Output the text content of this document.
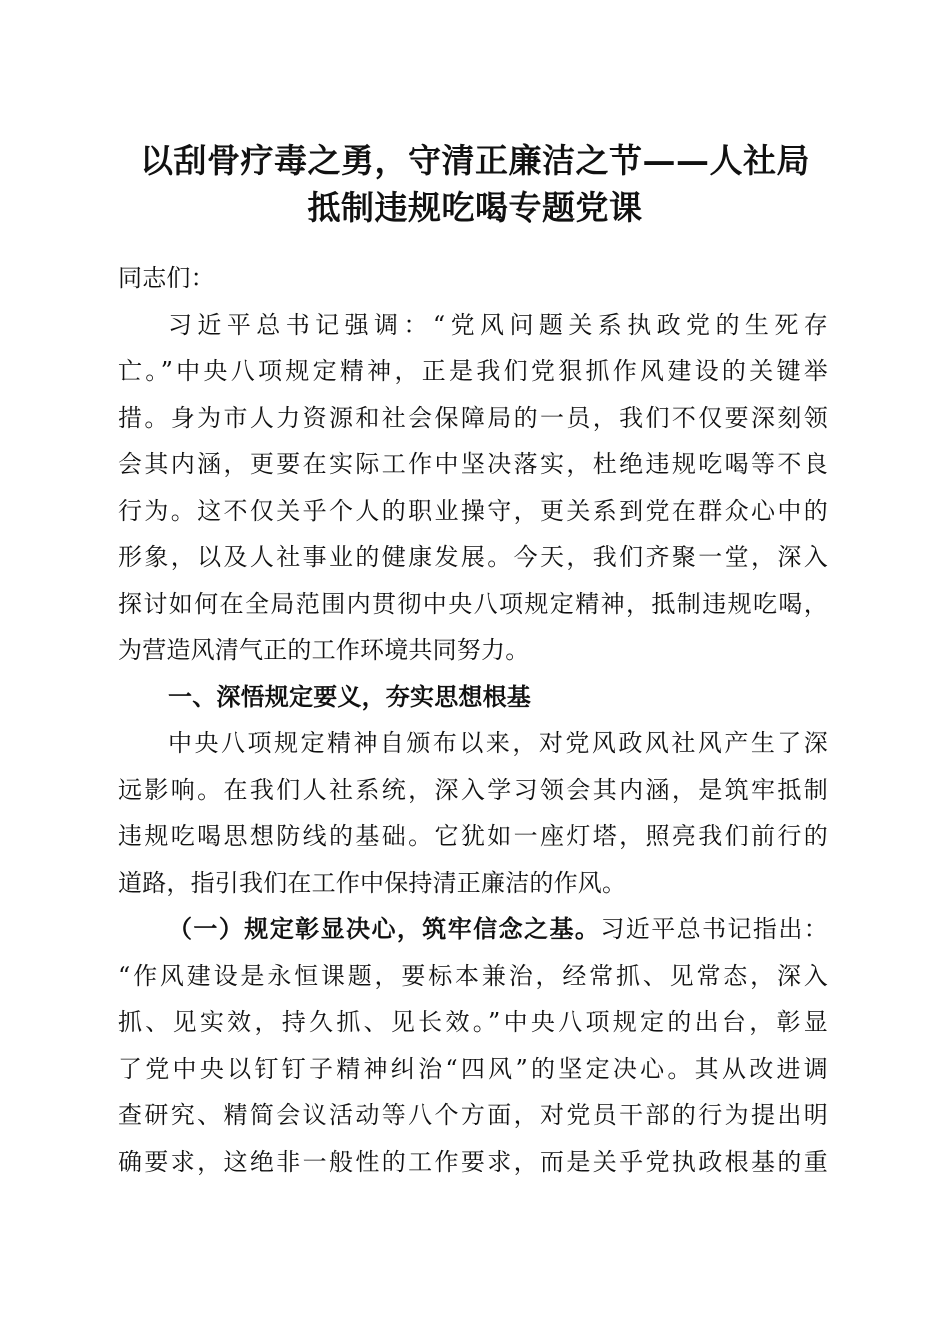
以刮骨疗毒之勇，守清正廉洁之节——人社局
抵制违规吃喝专题党课
同志们：
习近平总书记强调：“党风问题关系执政党的生死存
亡。”中央八项规定精神，正是我们党狠抓作风建设的关键举
措。身为市人力资源和社会保障局的一员，我们不仅要深刻领
会其内涵，更要在实际工作中坚决落实，杜绝违规吃喝等不良
行为。这不仅关乎个人的职业操守，更关系到党在群众心中的
形象，以及人社事业的健康发展。今天，我们齐聚一堂，深入
探讨如何在全局范围内贯彻中央八项规定精神，抵制违规吃喝，
为营造风清气正的工作环境共同努力。
一、深悟规定要义，夯实思想根基
中央八项规定精神自颁布以来，对党风政风社风产生了深
远影响。在我们人社系统，深入学习领会其内涵，是筑牢抵制
违规吃喝思想防线的基础。它犹如一座灯塔，照亮我们前行的
道路，指引我们在工作中保持清正廉洁的作风。
（一）规定彰显决心，筑牢信念之基。习近平总书记指出：
“作风建设是永恒课题，要标本兼治，经常抓、见常态，深入
抓、见实效，持久抓、见长效。”中央八项规定的出台，彰显
了党中央以钉钉子精神纠治“四风”的坚定决心。其从改进调
查研究、精简会议活动等八个方面，对党员干部的行为提出明
确要求，这绝非一般性的工作要求，而是关乎党执政根基的重
